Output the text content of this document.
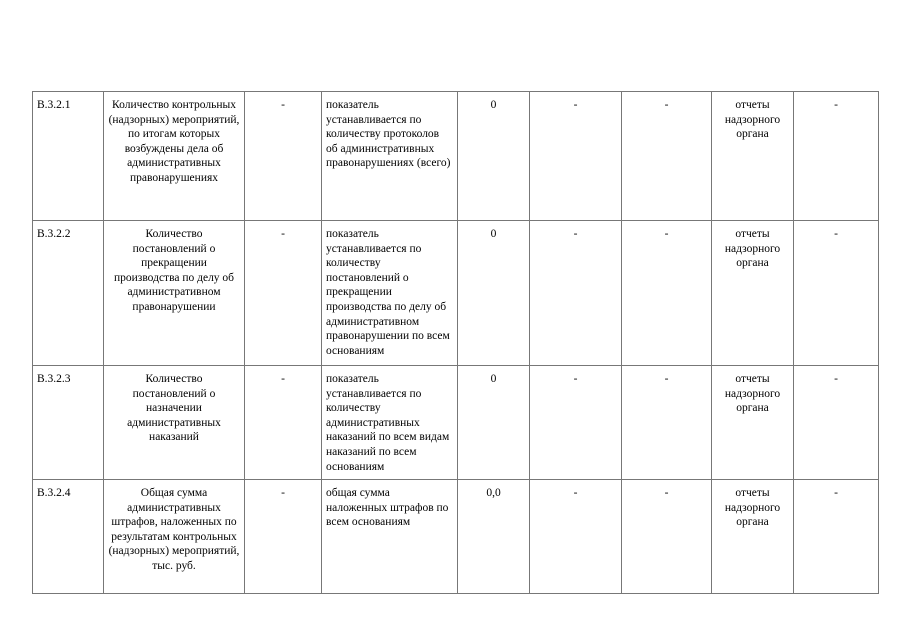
В.3.2.1	Количество контрольных (надзорных) мероприятий, по итогам которых возбуждены дела об административных правонарушениях	-	показатель устанавливается по количеству протоколов об административных правонарушениях (всего)	0	-	-	отчеты надзорного органа	-
В.3.2.2	Количество постановлений о прекращении производства по делу об административном правонарушении	-	показатель устанавливается по количеству постановлений о прекращении производства по делу об административном правонарушении по всем основаниям	0	-	-	отчеты надзорного органа	-
В.3.2.3	Количество постановлений о назначении административных наказаний	-	показатель устанавливается по количеству административных наказаний по всем видам наказаний по всем основаниям	0	-	-	отчеты надзорного органа	-
В.3.2.4	Общая сумма административных штрафов, наложенных по результатам контрольных (надзорных) мероприятий, тыс. руб.	-	общая сумма наложенных штрафов по всем основаниям	0,0	-	-	отчеты надзорного органа	-
